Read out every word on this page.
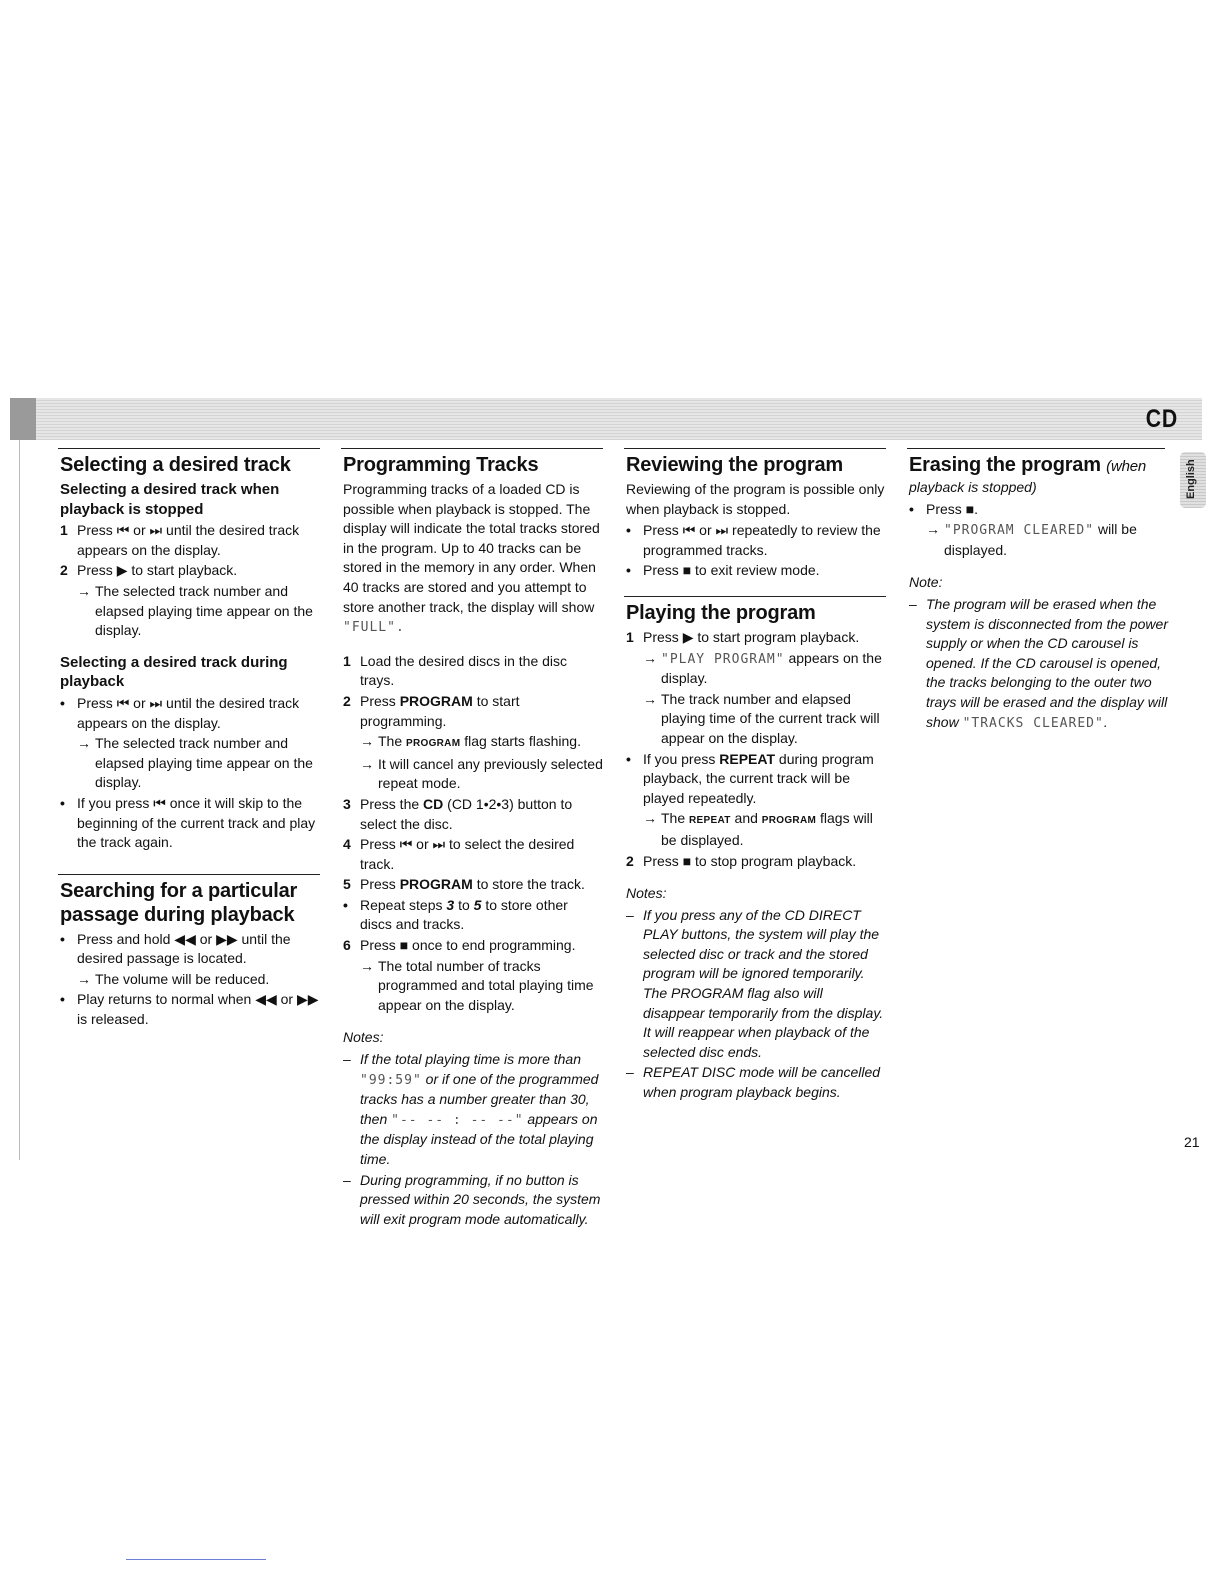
CD
English
Selecting a desired track
Selecting a desired track when playback is stopped
1 Press ⏮ or ⏭ until the desired track appears on the display.
2 Press ▶ to start playback.
→ The selected track number and elapsed playing time appear on the display.
Selecting a desired track during playback
• Press ⏮ or ⏭ until the desired track appears on the display.
→ The selected track number and elapsed playing time appear on the display.
• If you press ⏮ once it will skip to the beginning of the current track and play the track again.
Searching for a particular passage during playback
• Press and hold ◀◀ or ▶▶ until the desired passage is located.
→ The volume will be reduced.
• Play returns to normal when ◀◀ or ▶▶ is released.
Programming Tracks

Programming tracks of a loaded CD is possible when playback is stopped. The display will indicate the total tracks stored in the program. Up to 40 tracks can be stored in the memory in any order. When 40 tracks are stored and you attempt to store another track, the display will show "FULL".

1 Load the desired discs in the disc trays.
2 Press PROGRAM to start programming.
→ The PROGRAM flag starts flashing.
→ It will cancel any previously selected repeat mode.
3 Press the CD (CD 1•2•3) button to select the disc.
4 Press ⏮ or ⏭ to select the desired track.
5 Press PROGRAM to store the track.
• Repeat steps 3 to 5 to store other discs and tracks.
6 Press ■ once to end programming.
→ The total number of tracks programmed and total playing time appear on the display.

Notes:

– If the total playing time is more than "99:59" or if one of the programmed tracks has a number greater than 30, then "-- -- : -- --" appears on the display instead of the total playing time.
– During programming, if no button is pressed within 20 seconds, the system will exit program mode automatically.
Reviewing the program

Reviewing of the program is possible only when playback is stopped.

• Press ⏮ or ⏭ repeatedly to review the programmed tracks.
• Press ■ to exit review mode.
Playing the program
1 Press ▶ to start program playback.
→ "PLAY PROGRAM" appears on the display.
→ The track number and elapsed playing time of the current track will appear on the display.
• If you press REPEAT during program playback, the current track will be played repeatedly.
→ The REPEAT and PROGRAM flags will be displayed.
2 Press ■ to stop program playback.

Notes:

– If you press any of the CD DIRECT PLAY buttons, the system will play the selected disc or track and the stored program will be ignored temporarily. The PROGRAM flag also will disappear temporarily from the display. It will reappear when playback of the selected disc ends.
– REPEAT DISC mode will be cancelled when program playback begins.
Erasing the program (when

playback is stopped)

• Press ■.
→ "PROGRAM CLEARED" will be displayed.

Note:

– The program will be erased when the system is disconnected from the power supply or when the CD carousel is opened. If the CD carousel is opened, the tracks belonging to the outer two trays will be erased and the display will show "TRACKS CLEARED".
21
